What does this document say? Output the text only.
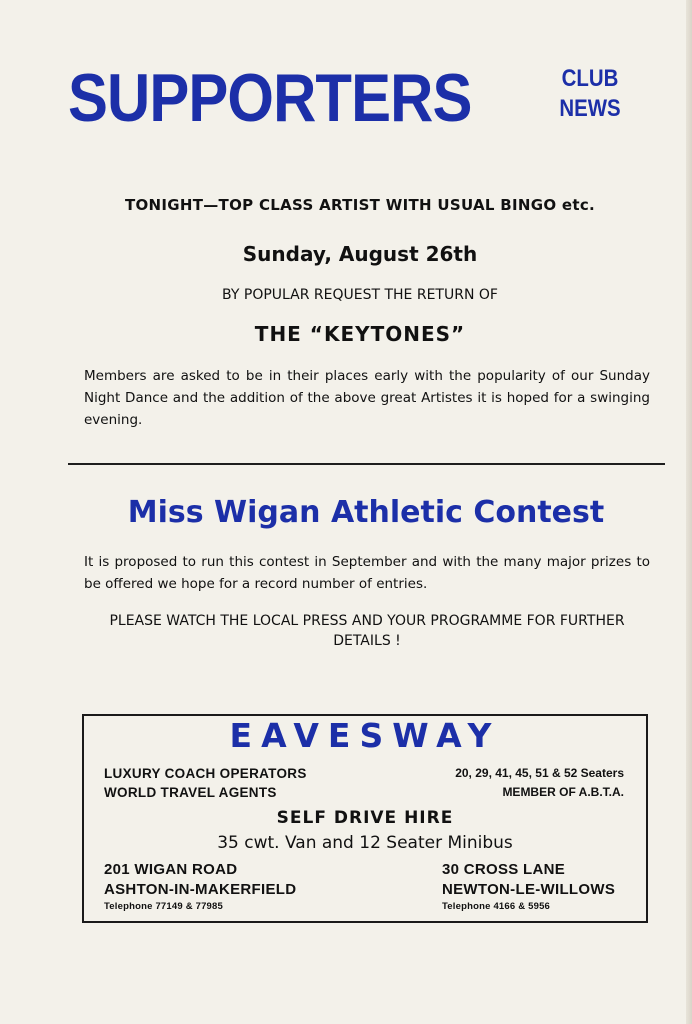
SUPPORTERS	CLUB
NEWS
TONIGHT—TOP CLASS ARTIST WITH USUAL BINGO etc.
Sunday, August 26th
BY POPULAR REQUEST THE RETURN OF
THE “KEYTONES”
Members are asked to be in their places early with the popularity of our Sunday Night Dance and the addition of the above great Artistes it is hoped for a swinging evening.
Miss Wigan Athletic Contest
It is proposed to run this contest in September and with the many major prizes to be offered we hope for a record number of entries.
PLEASE WATCH THE LOCAL PRESS AND YOUR PROGRAMME FOR FURTHER DETAILS !
EAVESWAY
LUXURY COACH OPERATORS
WORLD TRAVEL AGENTS
20, 29, 41, 45, 51 & 52 Seaters
MEMBER OF A.B.T.A.
SELF DRIVE HIRE
35 cwt. Van and 12 Seater Minibus
201 WIGAN ROAD
ASHTON-IN-MAKERFIELD
Telephone 77149 & 77985
30 CROSS LANE
NEWTON-LE-WILLOWS
Telephone 4166 & 5956
